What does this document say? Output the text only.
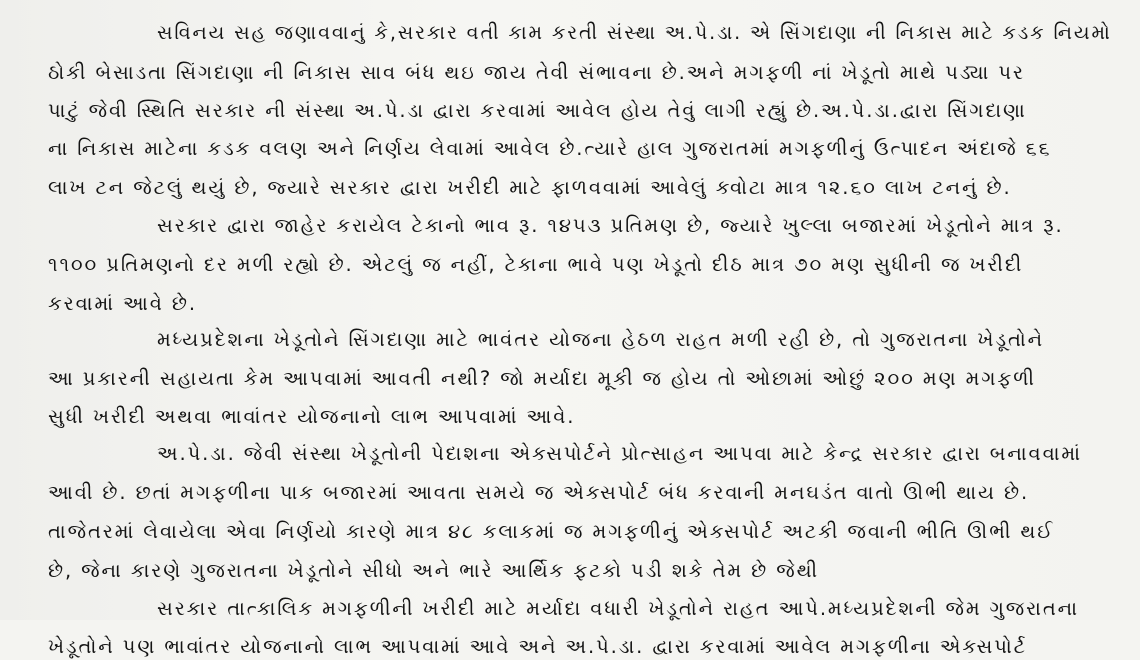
સવિનય સહ જણાવવાનું કે,સરકાર વતી કામ કરતી સંસ્થા અ.પે.ડા. એ સિંગદાણા ની નિકાસ માટે કડક નિયમો
ઠોકી બેસાડતા સિંગદાણા ની નિકાસ સાવ બંધ થઇ જાય તેવી સંભાવના છે.અને મગફળી નાં ખેડૂતો માથે પડ્યા પર
પાટું જેવી સ્થિતિ સરકાર ની સંસ્થા અ.પે.ડા દ્વારા કરવામાં આવેલ હોય તેવું લાગી રહ્યું છે.અ.પે.ડા.દ્વારા સિંગદાણા
ના નિકાસ માટેના કડક વલણ અને નિર્ણય લેવામાં આવેલ છે.ત્યારે હાલ ગુજરાતમાં મગફળીનું ઉત્પાદન અંદાજે ૬૬
લાખ ટન જેટલું થયું છે, જ્યારે સરકાર દ્વારા ખરીદી માટે ફાળવવામાં આવેલું ક્વોટા માત્ર ૧૨.૬૦ લાખ ટનનું છે.
સરકાર દ્વારા જાહેર કરાયેલ ટેકાનો ભાવ રૂ. ૧૪૫૩ પ્રતિમણ છે, જ્યારે ખુલ્લા બજારમાં ખેડૂતોને માત્ર રૂ.
૧૧૦૦ પ્રતિમણનો દર મળી રહ્યો છે. એટલું જ નહીં, ટેકાના ભાવે પણ ખેડૂતો દીઠ માત્ર ૭૦ મણ સુધીની જ ખરીદી
કરવામાં આવે છે.
મધ્યપ્રદેશના ખેડૂતોને સિંગદાણા માટે ભાવંતર યોજના હેઠળ રાહત મળી રહી છે, તો ગુજરાતના ખેડૂતોને
આ પ્રકારની સહાયતા કેમ આપવામાં આવતી નથી? જો મર્યાદા મૂકી જ હોય તો ઓછામાં ઓછું ૨૦૦ મણ મગફળી
સુધી ખરીદી અથવા ભાવાંતર યોજનાનો લાભ આપવામાં આવે.
અ.પે.ડા. જેવી સંસ્થા ખેડૂતોની પેદાશના એક્સપોર્ટને પ્રોત્સાહન આપવા માટે કેન્દ્ર સરકાર દ્વારા બનાવવામાં
આવી છે. છતાં મગફળીના પાક બજારમાં આવતા સમયે જ એક્સપોર્ટ બંધ કરવાની મનઘડંત વાતો ઊભી થાય છે.
તાજેતરમાં લેવાયેલા એવા નિર્ણયો કારણે માત્ર ૪૮ કલાકમાં જ મગફળીનું એક્સપોર્ટ અટકી જવાની ભીતિ ઊભી થઈ
છે, જેના કારણે ગુજરાતના ખેડૂતોને સીધો અને ભારે આર્થિક ફટકો પડી શકે તેમ છે જેથી
સરકાર તાત્કાલિક મગફળીની ખરીદી માટે મર્યાદા વધારી ખેડૂતોને રાહત આપે.મધ્યપ્રદેશની જેમ ગુજરાતના
ખેડૂતોને પણ ભાવાંતર યોજનાનો લાભ આપવામાં આવે અને અ.પે.ડા. દ્વારા કરવામાં આવેલ મગફળીના એક્સપોર્ટ
